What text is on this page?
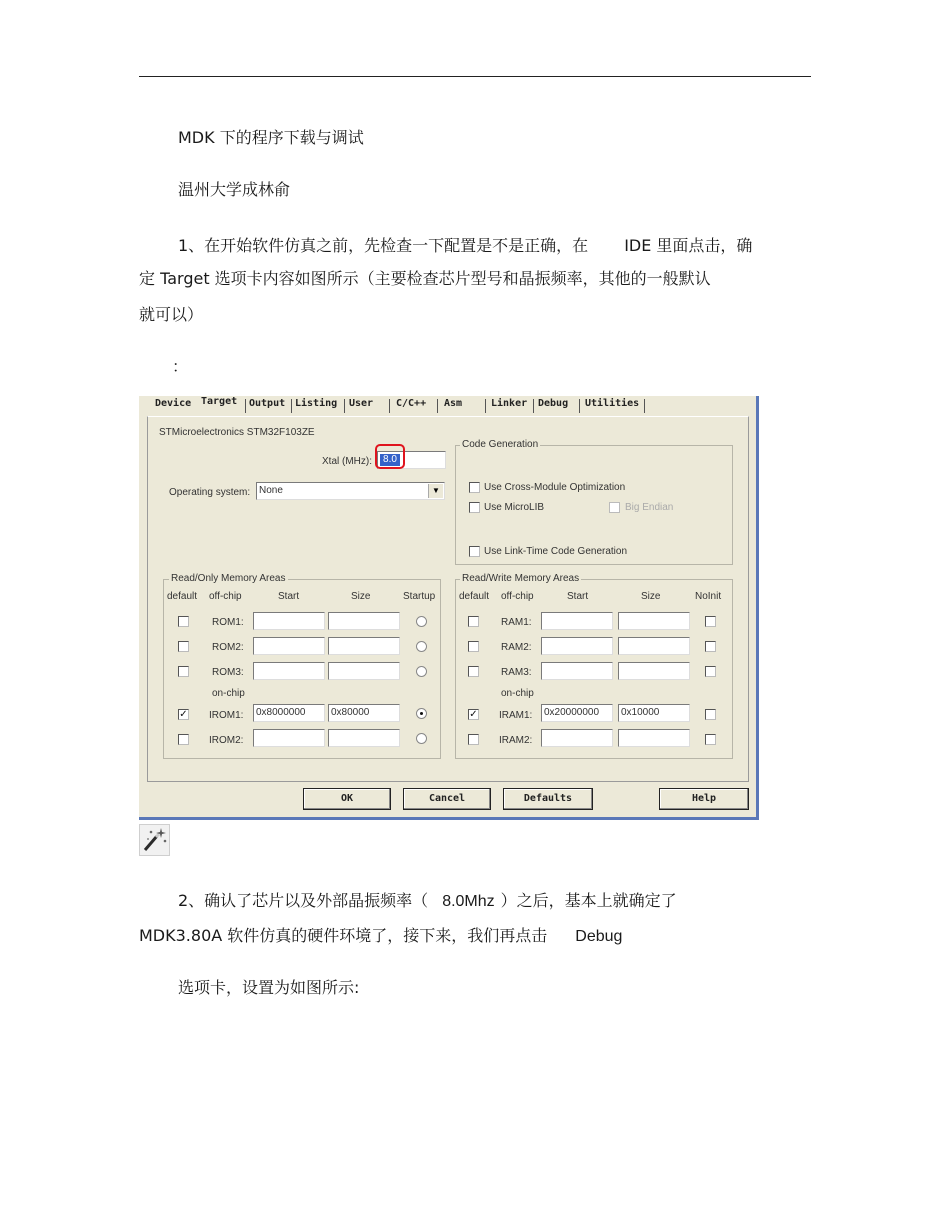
MDK 下的程序下载与调试
温州大学成林俞
1、在开始软件仿真之前，先检查一下配置是不是正确，在 IDE 里面点击，确
定 Target 选项卡内容如图所示（主要检查芯片型号和晶振频率，其他的一般默认
就可以）
：
Device Target Output Listing User C/C++ Asm	Linker Debug Utilities
STMicroelectronics STM32F103ZE
Xtal (MHz):	8.0
Operating system: None	▼
Code Generation
Use Cross-Module Optimization
Use MicroLIB	Big Endian
Use Link-Time Code Generation
Read/Only Memory Areas
default off-chip	Start	Size	Startup
ROM1:
ROM2:
ROM3:
on-chip
✓ IROM1:	0x8000000	0x80000
IROM2:
Read/Write Memory Areas
default off-chip	Start	Size	NoInit
RAM1:
RAM2:
RAM3:
on-chip
✓ IRAM1:	0x20000000	0x10000
IRAM2:
OK	Cancel	Defaults	Help
2、确认了芯片以及外部晶振频率（ 8.0Mhz ）之后，基本上就确定了
MDK3.80A 软件仿真的硬件环境了，接下来，我们再点击 Debug
选项卡，设置为如图所示:
